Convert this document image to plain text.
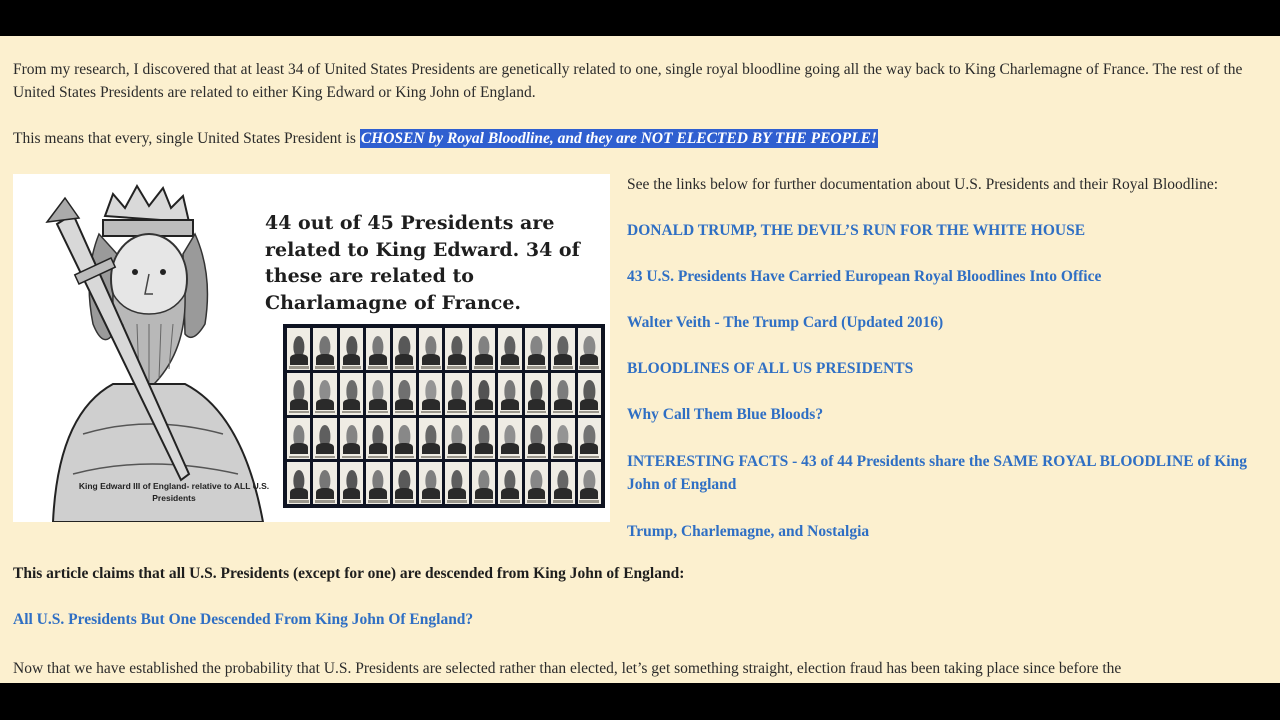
From my research, I discovered that at least 34 of United States Presidents are genetically related to one, single royal bloodline going all the way back to King Charlemagne of France. The rest of the United States Presidents are related to either King Edward or King John of England.
This means that every, single United States President is CHOSEN by Royal Bloodline, and they are NOT ELECTED BY THE PEOPLE!
44 out of 45 Presidents are related to King Edward. 34 of these are related to Charlamagne of France.
King Edward III of England- relative to ALL U.S. Presidents
See the links below for further documentation about U.S. Presidents and their Royal Bloodline:
DONALD TRUMP, THE DEVIL’S RUN FOR THE WHITE HOUSE
43 U.S. Presidents Have Carried European Royal Bloodlines Into Office
Walter Veith - The Trump Card (Updated 2016)
BLOODLINES OF ALL US PRESIDENTS
Why Call Them Blue Bloods?
INTERESTING FACTS - 43 of 44 Presidents share the SAME ROYAL BLOODLINE of King John of England
Trump, Charlemagne, and Nostalgia
This article claims that all U.S. Presidents (except for one) are descended from King John of England:
All U.S. Presidents But One Descended From King John Of England?
Now that we have established the probability that U.S. Presidents are selected rather than elected, let’s get something straight, election fraud has been taking place since before the
